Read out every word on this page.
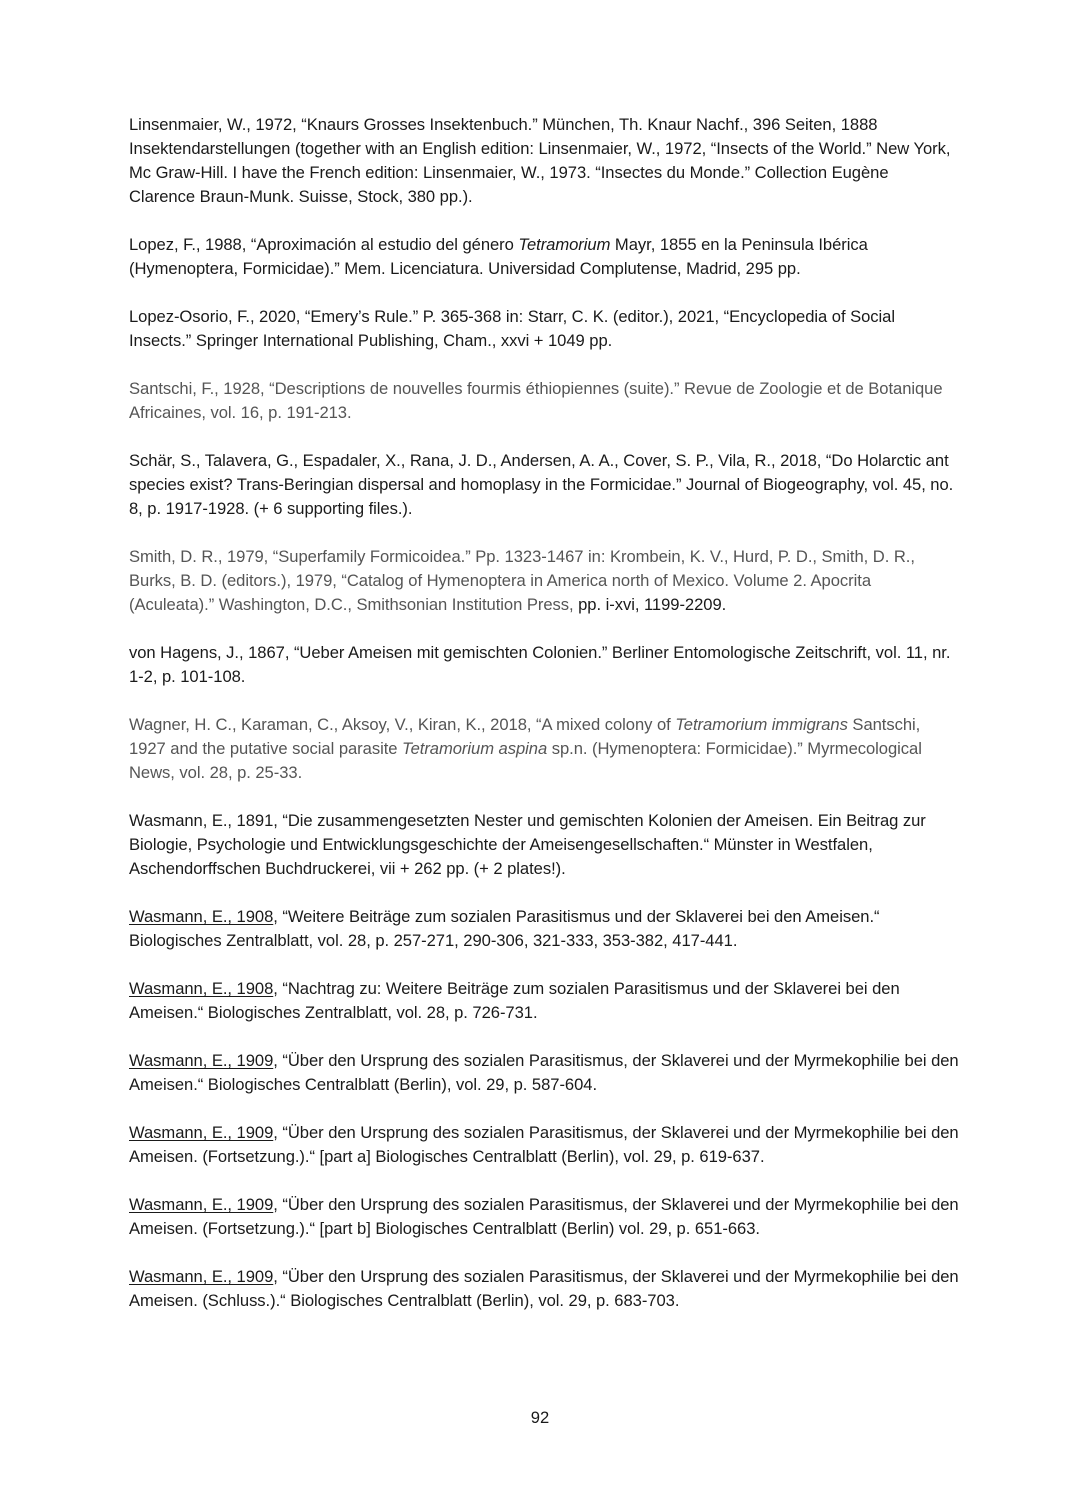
Linsenmaier, W., 1972, “Knaurs Grosses Insektenbuch.” München, Th. Knaur Nachf., 396 Seiten, 1888 Insektendarstellungen (together with an English edition: Linsenmaier, W., 1972, “Insects of the World.” New York, Mc Graw-Hill. I have the French edition: Linsenmaier, W., 1973. “Insectes du Monde.” Collection Eugène Clarence Braun-Munk. Suisse, Stock, 380 pp.).

Lopez, F., 1988, “Aproximación al estudio del género Tetramorium Mayr, 1855 en la Peninsula Ibérica (Hymenoptera, Formicidae).” Mem. Licenciatura. Universidad Complutense, Madrid, 295 pp.

Lopez-Osorio, F., 2020, “Emery’s Rule.” P. 365-368 in: Starr, C. K. (editor.), 2021, “Encyclopedia of Social Insects.” Springer International Publishing, Cham., xxvi + 1049 pp.

Santschi, F., 1928, “Descriptions de nouvelles fourmis éthiopiennes (suite).” Revue de Zoologie et de Botanique Africaines, vol. 16, p. 191-213.

Schär, S., Talavera, G., Espadaler, X., Rana, J. D., Andersen, A. A., Cover, S. P., Vila, R., 2018, “Do Holarctic ant species exist? Trans-Beringian dispersal and homoplasy in the Formicidae.” Journal of Biogeography, vol. 45, no. 8, p. 1917-1928. (+ 6 supporting files.).

Smith, D. R., 1979, “Superfamily Formicoidea.” Pp. 1323-1467 in: Krombein, K. V., Hurd, P. D., Smith, D. R., Burks, B. D. (editors.), 1979, “Catalog of Hymenoptera in America north of Mexico. Volume 2. Apocrita (Aculeata).” Washington, D.C., Smithsonian Institution Press, pp. i-xvi, 1199-2209.

von Hagens, J., 1867, “Ueber Ameisen mit gemischten Colonien.” Berliner Entomologische Zeitschrift, vol. 11, nr. 1-2, p. 101-108.

Wagner, H. C., Karaman, C., Aksoy, V., Kiran, K., 2018, “A mixed colony of Tetramorium immigrans Santschi, 1927 and the putative social parasite Tetramorium aspina sp.n. (Hymenoptera: Formicidae).” Myrmecological News, vol. 28, p. 25-33.

Wasmann, E., 1891, “Die zusammengesetzten Nester und gemischten Kolonien der Ameisen. Ein Beitrag zur Biologie, Psychologie und Entwicklungsgeschichte der Ameisengesellschaften.“ Münster in Westfalen, Aschendorffschen Buchdruckerei, vii + 262 pp. (+ 2 plates!).

Wasmann, E., 1908, “Weitere Beiträge zum sozialen Parasitismus und der Sklaverei bei den Ameisen.“ Biologisches Zentralblatt, vol. 28, p. 257-271, 290-306, 321-333, 353-382, 417-441.

Wasmann, E., 1908, “Nachtrag zu: Weitere Beiträge zum sozialen Parasitismus und der Sklaverei bei den Ameisen.“ Biologisches Zentralblatt, vol. 28, p. 726-731.

Wasmann, E., 1909, “Über den Ursprung des sozialen Parasitismus, der Sklaverei und der Myrmekophilie bei den Ameisen.“ Biologisches Centralblatt (Berlin), vol. 29, p. 587-604.

Wasmann, E., 1909, “Über den Ursprung des sozialen Parasitismus, der Sklaverei und der Myrmekophilie bei den Ameisen. (Fortsetzung.).“ [part a] Biologisches Centralblatt (Berlin), vol. 29, p. 619-637.

Wasmann, E., 1909, “Über den Ursprung des sozialen Parasitismus, der Sklaverei und der Myrmekophilie bei den Ameisen. (Fortsetzung.).“ [part b] Biologisches Centralblatt (Berlin) vol. 29, p. 651-663.

Wasmann, E., 1909, “Über den Ursprung des sozialen Parasitismus, der Sklaverei und der Myrmekophilie bei den Ameisen. (Schluss.).“ Biologisches Centralblatt (Berlin), vol. 29, p. 683-703.

92
